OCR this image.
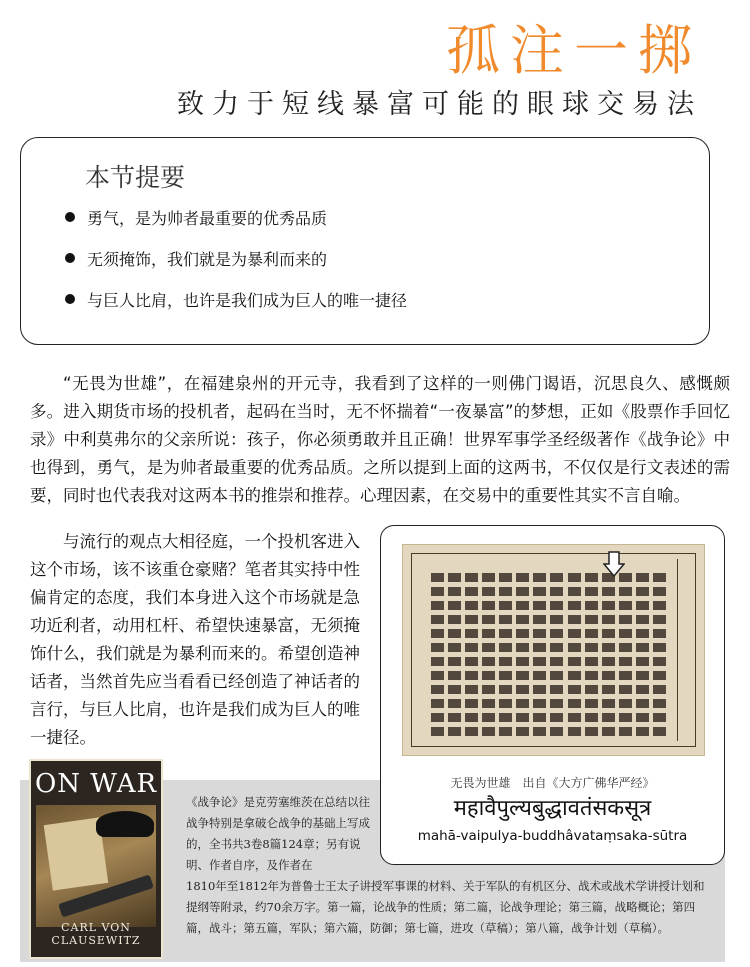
孤注一掷
致力于短线暴富可能的眼球交易法
本节提要
勇气，是为帅者最重要的优秀品质
无须掩饰，我们就是为暴利而来的
与巨人比肩，也许是我们成为巨人的唯一捷径

“无畏为世雄”，在福建泉州的开元寺，我看到了这样的一则佛门谒语，沉思良久、感慨颇多。进入期货市场的投机者，起码在当时，无不怀揣着“一夜暴富”的梦想，正如《股票作手回忆录》中利莫弗尔的父亲所说：孩子，你必须勇敢并且正确！世界军事学圣经级著作《战争论》中也得到，勇气，是为帅者最重要的优秀品质。之所以提到上面的这两书，不仅仅是行文表述的需要，同时也代表我对这两本书的推崇和推荐。心理因素，在交易中的重要性其实不言自喻。

与流行的观点大相径庭，一个投机客进入这个市场，该不该重仓豪赌？笔者其实持中性偏肯定的态度，我们本身进入这个市场就是急功近利者，动用杠杆、希望快速暴富，无须掩饰什么，我们就是为暴利而来的。希望创造神话者，当然首先应当看看已经创造了神话者的言行，与巨人比肩，也许是我们成为巨人的唯一捷径。

ON WAR
CARL VON CLAUSEWITZ
《战争论》是克劳塞维茨在总结以往战争特别是拿破仑战争的基础上写成的，全书共3卷8篇124章；另有说明、作者自序，及作者在
1810年至1812年为普鲁士王太子讲授军事课的材料、关于军队的有机区分、战术或战术学讲授计划和提纲等附录，约70余万字。第一篇，论战争的性质；第二篇，论战争理论；第三篇，战略概论；第四篇，战斗；第五篇，军队；第六篇，防御；第七篇，进攻（草稿）；第八篇，战争计划（草稿）。
无畏为世雄　出自《大方广佛华严经》
महावैपुल्यबुद्धावतंसकसूत्र
mahā-vaipulya-buddhâvataṃsaka-sūtra
